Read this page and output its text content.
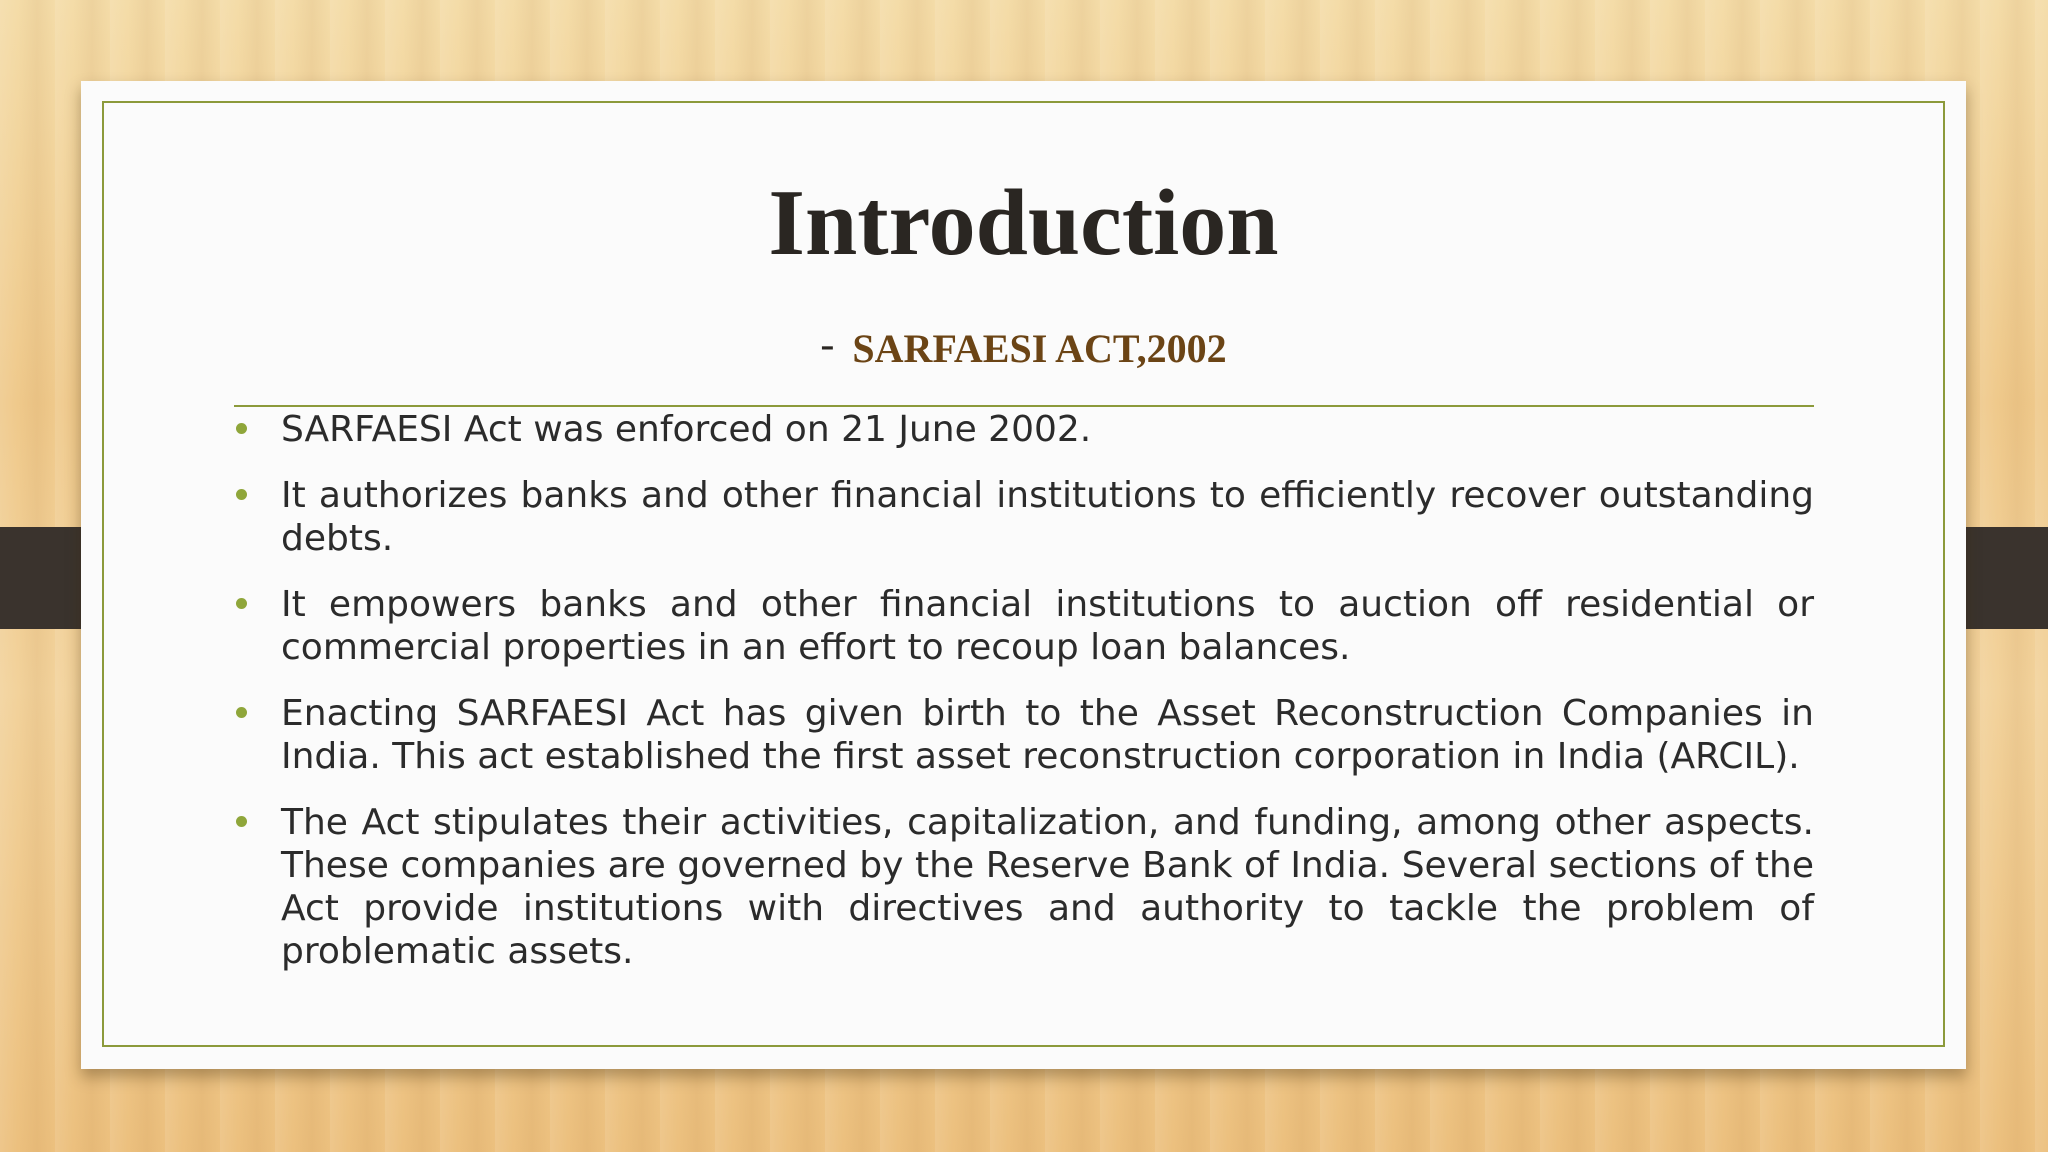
Introduction
- SARFAESI ACT,2002
SARFAESI Act was enforced on 21 June 2002.
It authorizes banks and other financial institutions to efficiently recover outstanding debts.
It empowers banks and other financial institutions to auction off residential or commercial properties in an effort to recoup loan balances.
Enacting SARFAESI Act has given birth to the Asset Reconstruction Companies in India. This act established the first asset reconstruction corporation in India (ARCIL).
The Act stipulates their activities, capitalization, and funding, among other aspects. These companies are governed by the Reserve Bank of India. Several sections of the Act provide institutions with directives and authority to tackle the problem of problematic assets.
